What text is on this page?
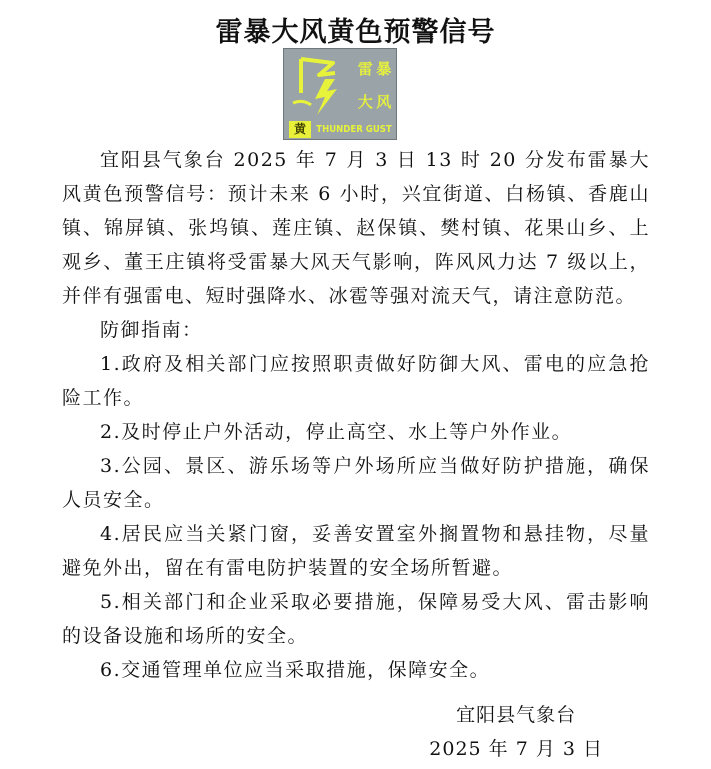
雷暴大风黄色预警信号
雷 暴
大 风
黄	THUNDER GUST

宜阳县气象台 2025 年 7 月 3 日 13 时 20 分发布雷暴大风黄色预警信号：预计未来 6 小时，兴宜街道、白杨镇、香鹿山镇、锦屏镇、张坞镇、莲庄镇、赵保镇、樊村镇、花果山乡、上观乡、董王庄镇将受雷暴大风天气影响，阵风风力达 7 级以上，并伴有强雷电、短时强降水、冰雹等强对流天气，请注意防范。

防御指南：

1.政府及相关部门应按照职责做好防御大风、雷电的应急抢险工作。

2.及时停止户外活动，停止高空、水上等户外作业。

3.公园、景区、游乐场等户外场所应当做好防护措施，确保人员安全。

4.居民应当关紧门窗，妥善安置室外搁置物和悬挂物，尽量避免外出，留在有雷电防护装置的安全场所暂避。

5.相关部门和企业采取必要措施，保障易受大风、雷击影响的设备设施和场所的安全。

6.交通管理单位应当采取措施，保障安全。

宜阳县气象台
2025 年 7 月 3 日
